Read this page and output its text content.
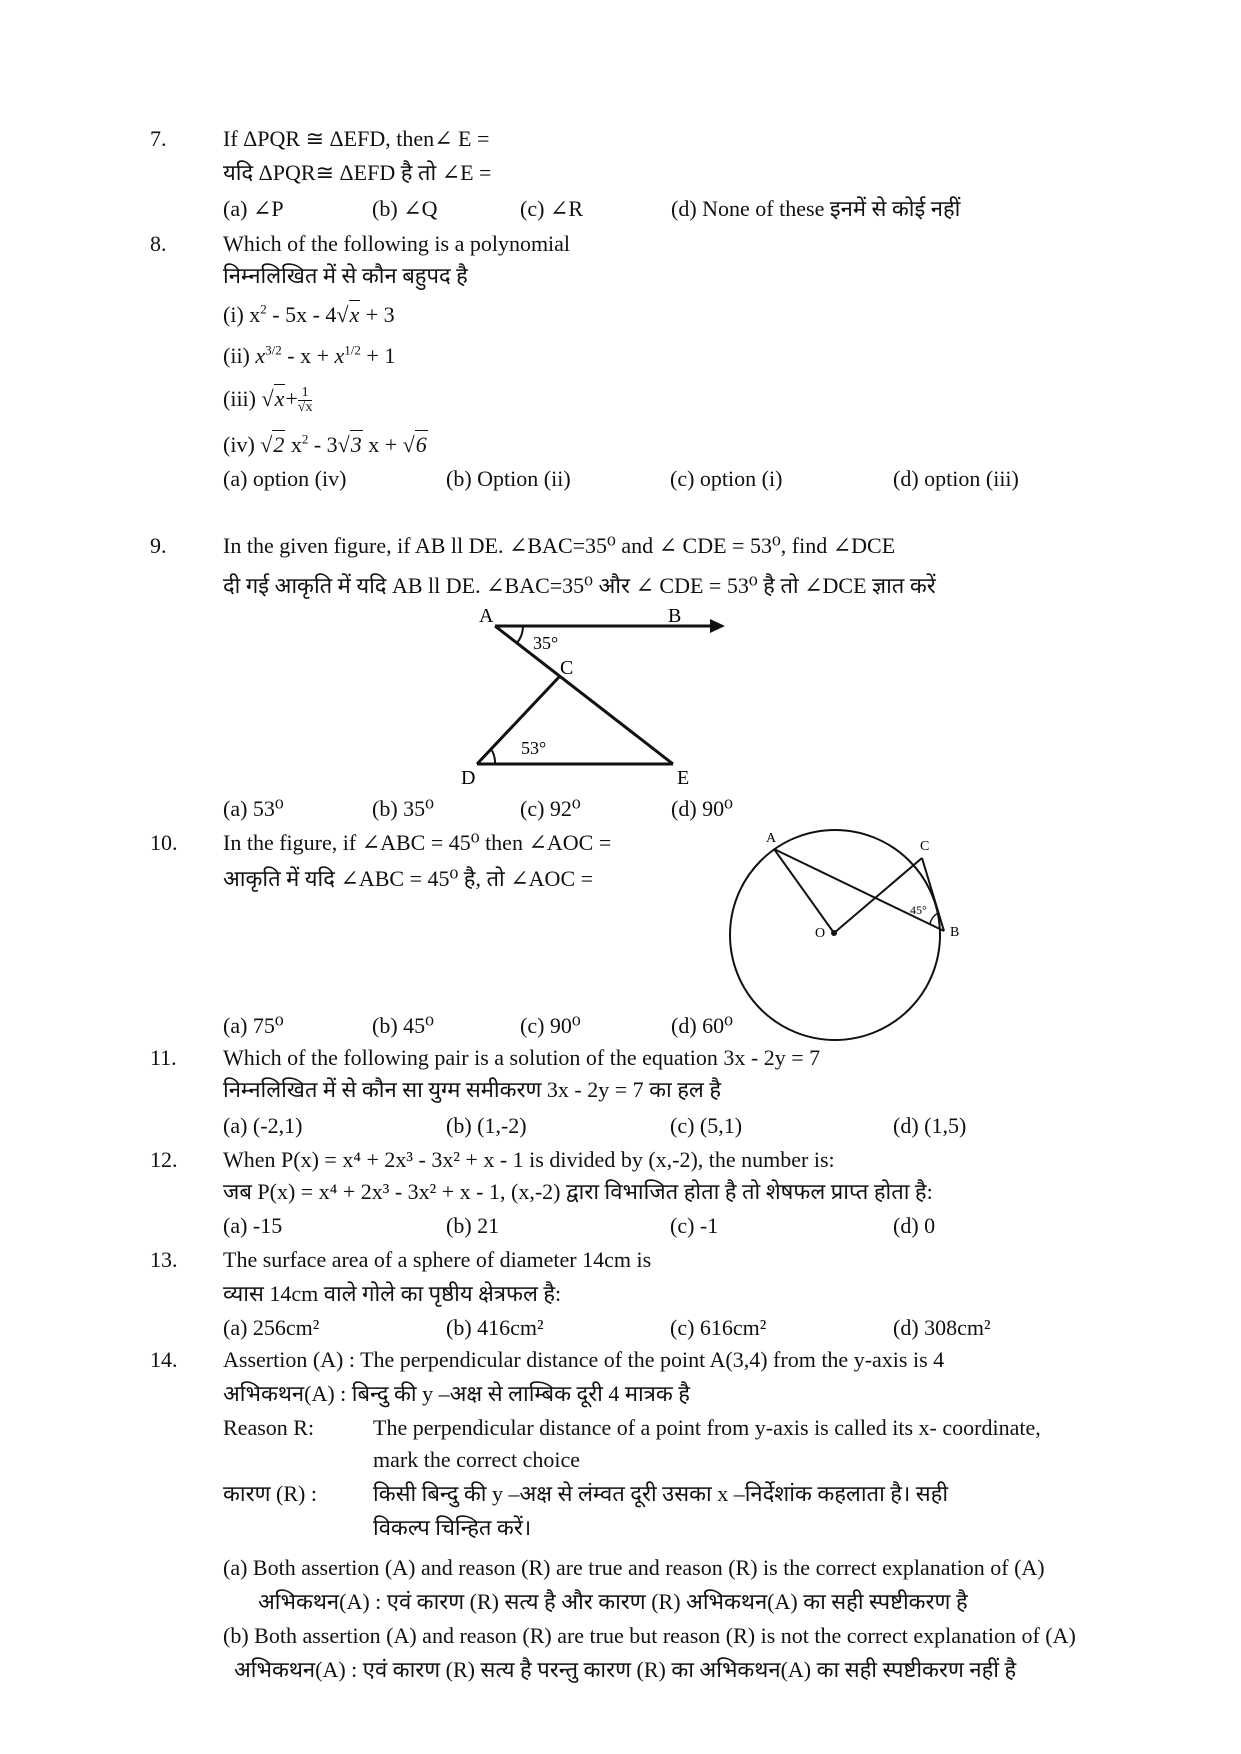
7.	If ΔPQR ≅ ΔEFD, then∠ E =
यदि ΔPQR≅ ΔEFD है तो ∠E =
(a) ∠P	(b) ∠Q	(c) ∠R	(d) None of these इनमें से कोई नहीं
8.	Which of the following is a polynomial
निम्नलिखित में से कौन बहुपद है
(i) $x^2 - 5x - 4√x + 3$
(ii) $x^{3/2} - x + x^{1/2} + 1$
(iii) $√x+ \frac{1}{√x}$
(iv) √2 $x^2 - 3√3$ x + √6
(a) option (iv)	(b) Option (ii)	(c) option (i)	(d) option (iii)
9.	In the given figure, if AB ll DE. ∠BAC=35⁰ and ∠ CDE = 53⁰, find ∠DCE
दी गई आकृति में यदि AB ll DE. ∠BAC=35⁰ और ∠ CDE = 53⁰ है तो ∠DCE ज्ञात करें
A	B
C
D	E
35°
53°
(a) 53⁰	(b) 35⁰	(c) 92⁰	(d) 90⁰
10. In the figure, if ∠ABC = 45⁰ then ∠AOC =
आकृति में यदि ∠ABC = 45⁰ है, तो ∠AOC =
A
C
O	B
45°
(a) 75⁰	(b) 45⁰	(c) 90⁰	(d) 60⁰
11. Which of the following pair is a solution of the equation 3x - 2y = 7
निम्नलिखित में से कौन सा युग्म समीकरण 3x - 2y = 7 का हल है
(a) (-2,1)	(b) (1,-2)	(c) (5,1)	(d) (1,5)
12. When P(x) = x⁴ + 2x³ - 3x² + x - 1 is divided by (x,-2), the number is:
जब P(x) = x⁴ + 2x³ - 3x² + x - 1, (x,-2) द्वारा विभाजित होता है तो शेषफल प्राप्त होता है:
(a) -15	(b) 21	(c) -1	(d) 0
13. The surface area of a sphere of diameter 14cm is
व्यास 14cm वाले गोले का पृष्ठीय क्षेत्रफल है:
(a) 256cm²	(b) 416cm²	(c) 616cm²	(d) 308cm²
14. Assertion (A) : The perpendicular distance of the point A(3,4) from the y-axis is 4
अभिकथन(A) : बिन्दु की y –अक्ष से लाम्बिक दूरी 4 मात्रक है
Reason R:	The perpendicular distance of a point from y-axis is called its x- coordinate,
mark the correct choice
कारण (R) :	किसी बिन्दु की y –अक्ष से लंम्वत दूरी उसका x –निर्देशांक कहलाता है। सही
विकल्प चिन्हित करें।
(a) Both assertion (A) and reason (R) are true and reason (R) is the correct explanation of (A)
अभिकथन(A) : एवं कारण (R) सत्य है और कारण (R) अभिकथन(A) का सही स्पष्टीकरण है
(b) Both assertion (A) and reason (R) are true but reason (R) is not the correct explanation of (A)
अभिकथन(A) : एवं कारण (R) सत्य है परन्तु कारण (R) का अभिकथन(A) का सही स्पष्टीकरण नहीं है
